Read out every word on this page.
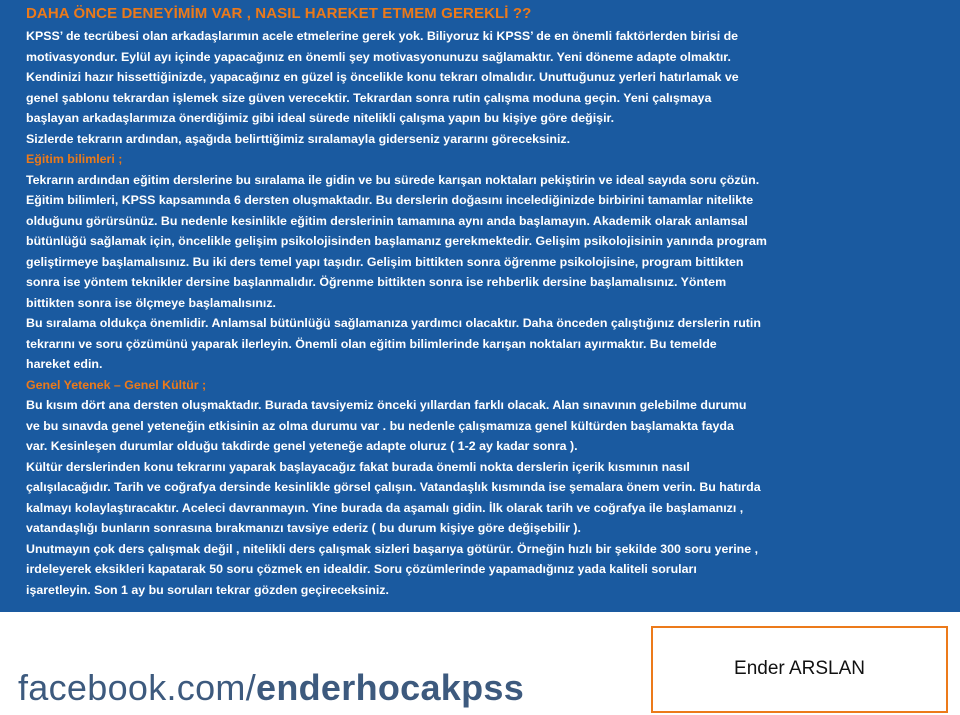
DAHA ÖNCE DENEYİMİM VAR , NASIL HAREKET ETMEM GEREKLİ ??
KPSS’ de tecrübesi olan arkadaşlarımın acele etmelerine gerek yok. Biliyoruz ki KPSS’ de en önemli faktörlerden birisi de
motivasyondur. Eylül ayı içinde yapacağınız en önemli şey motivasyonunuzu sağlamaktır. Yeni döneme adapte olmaktır.
Kendinizi hazır hissettiğinizde, yapacağınız en güzel iş öncelikle konu tekrarı olmalıdır. Unuttuğunuz yerleri hatırlamak ve
genel şablonu tekrardan işlemek size güven verecektir. Tekrardan sonra rutin çalışma moduna geçin. Yeni çalışmaya
başlayan arkadaşlarımıza önerdiğimiz gibi ideal sürede nitelikli çalışma yapın bu kişiye göre değişir.
Sizlerde tekrarın ardından, aşağıda belirttiğimiz sıralamayla giderseniz yararını göreceksiniz.
Eğitim bilimleri ;
Tekrarın ardından eğitim derslerine bu sıralama ile gidin ve bu sürede karışan noktaları pekiştirin ve ideal sayıda soru çözün.
Eğitim bilimleri, KPSS kapsamında 6 dersten oluşmaktadır. Bu derslerin doğasını incelediğinizde birbirini tamamlar nitelikte
olduğunu görürsünüz. Bu nedenle kesinlikle eğitim derslerinin tamamına aynı anda başlamayın. Akademik olarak anlamsal
bütünlüğü sağlamak için, öncelikle gelişim psikolojisinden başlamanız gerekmektedir. Gelişim psikolojisinin yanında program
geliştirmeye başlamalısınız. Bu iki ders temel yapı taşıdır. Gelişim bittikten sonra öğrenme psikolojisine, program bittikten
sonra ise yöntem teknikler dersine başlanmalıdır. Öğrenme bittikten sonra ise rehberlik dersine başlamalısınız. Yöntem
bittikten sonra ise ölçmeye başlamalısınız.
Bu sıralama oldukça önemlidir. Anlamsal bütünlüğü sağlamanıza yardımcı olacaktır. Daha önceden çalıştığınız derslerin rutin
tekrarını ve soru çözümünü yaparak ilerleyin. Önemli olan eğitim bilimlerinde karışan noktaları ayırmaktır. Bu temelde
hareket edin.
Genel Yetenek – Genel Kültür ;
Bu kısım dört ana dersten oluşmaktadır. Burada tavsiyemiz önceki yıllardan farklı olacak. Alan sınavının gelebilme durumu
ve bu sınavda genel yeteneğin etkisinin az olma durumu var . bu nedenle çalışmamıza genel kültürden başlamakta fayda
var. Kesinleşen durumlar olduğu takdirde genel yeteneğe adapte oluruz ( 1-2 ay kadar sonra ).
Kültür derslerinden konu tekrarını yaparak başlayacağız fakat burada önemli nokta derslerin içerik kısmının nasıl
çalışılacağıdır. Tarih ve coğrafya dersinde kesinlikle görsel çalışın. Vatandaşlık kısmında ise şemalara önem verin. Bu hatırda
kalmayı kolaylaştıracaktır. Aceleci davranmayın. Yine burada da aşamalı gidin. İlk olarak tarih ve coğrafya ile başlamanızı ,
vatandaşlığı bunların sonrasına bırakmanızı tavsiye ederiz ( bu durum kişiye göre değişebilir ).
Unutmayın çok ders çalışmak değil , nitelikli ders çalışmak sizleri başarıya götürür. Örneğin hızlı bir şekilde 300 soru yerine ,
irdeleyerek eksikleri kapatarak 50 soru çözmek en idealdir. Soru çözümlerinde yapamadığınız yada kaliteli soruları
işaretleyin. Son 1 ay bu soruları tekrar gözden geçireceksiniz.
facebook.com/enderhocakpss	Ender ARSLAN
